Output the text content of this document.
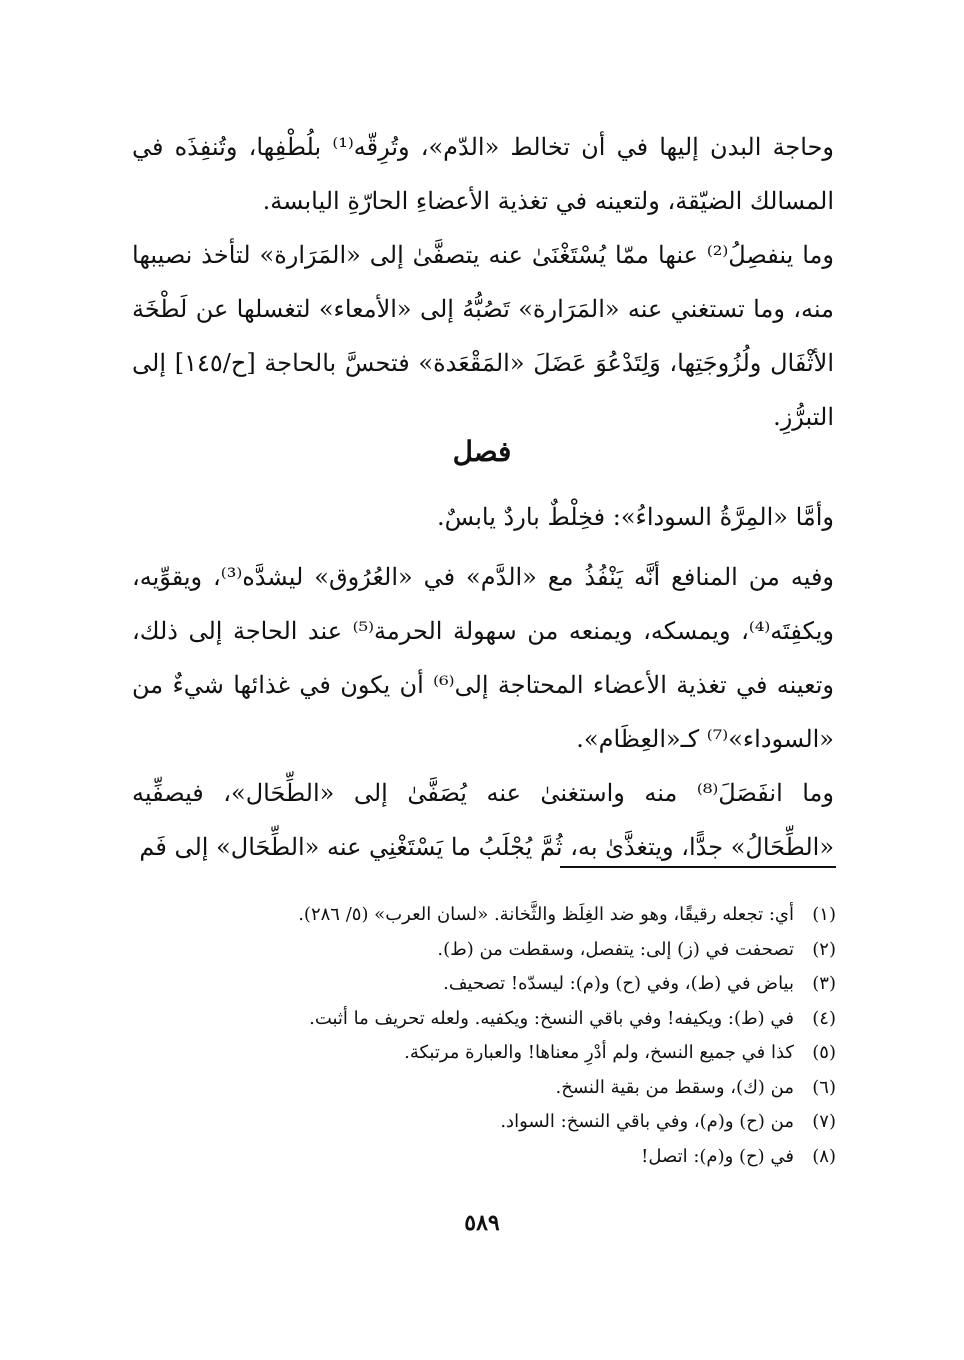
وحاجة البدن إليها في أن تخالط «الدّم»، وتُرِقّه⁽¹⁾ بلُطْفِها، وتُنفِذَه في المسالك الضيّقة، ولتعينه في تغذية الأعضاءِ الحارّةِ اليابسة.

وما ينفصِلُ⁽²⁾ عنها ممّا يُسْتَغْنَىٰ عنه يتصفَّىٰ إلى «المَرَارة» لتأخذ نصيبها منه، وما تستغني عنه «المَرَارة» تَصُبُّهُ إلى «الأمعاء» لتغسلها عن لَطْخَة الأثْفَال ولُزُوجَتِها، وَلِتَدْعُوَ عَضَلَ «المَقْعَدة» فتحسَّ بالحاجة [ح/١٤٥] إلى التبرُّزِ.

فصل

وأمَّا «المِرَّةُ السوداءُ»: فخِلْطٌ باردٌ يابسٌ.

وفيه من المنافع أنَّه يَنْفُذُ مع «الدَّم» في «العُرُوق» ليشدَّه⁽³⁾، ويقوِّيه، ويكفِتَه⁽⁴⁾، ويمسكه، ويمنعه من سهولة الحرمة⁽⁵⁾ عند الحاجة إلى ذلك، وتعينه في تغذية الأعضاء المحتاجة إلى⁽⁶⁾ أن يكون في غذائها شيءٌ من «السوداء»⁽⁷⁾ كـ«العِظَام».

وما انفَصَلَ⁽⁸⁾ منه واستغنىٰ عنه يُصَفَّىٰ إلى «الطِّحَال»، فيصفِّيه «الطِّحَالُ» جدًّا، ويتغذَّىٰ به، ثُمَّ يُجْلَبُ ما يَسْتَغْنِي عنه «الطِّحَال» إلى فَم

(١)أي: تجعله رقيقًا، وهو ضد الغِلَظ والثَّخانة. «لسان العرب» (٥/ ٢٨٦).
(٢)تصحفت في (ز) إلى: يتفصل، وسقطت من (ط).
(٣)بياض في (ط)، وفي (ح) و(م): ليسدّه! تصحيف.
(٤)في (ط): ويكيفه! وفي باقي النسخ: ويكفيه. ولعله تحريف ما أثبت.
(٥)كذا في جميع النسخ، ولم أدْرِ معناها! والعبارة مرتبكة.
(٦)من (ك)، وسقط من بقية النسخ.
(٧)من (ح) و(م)، وفي باقي النسخ: السواد.
(٨)في (ح) و(م): اتصل!
٥٨٩
